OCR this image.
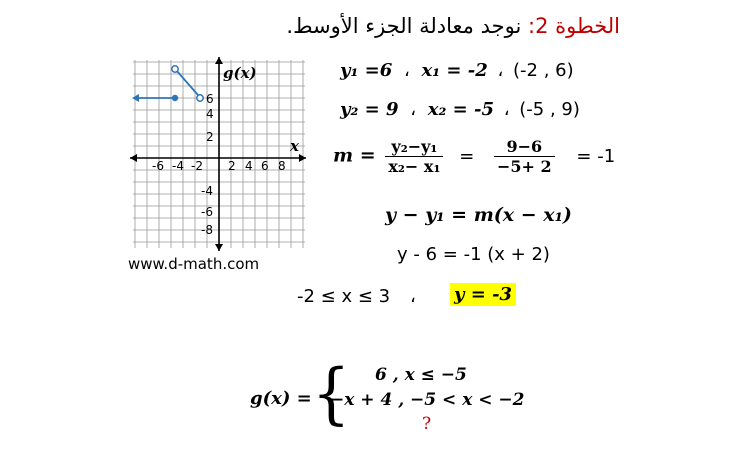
الخطوة 2: نوجد معادلة الجزء الأوسط.
g(x)
x
-6 -4 -2 2 4 6 8
6
4
2
-4
-6
-8
www.d-math.com
y₁ =6 ، x₁ = -2 ، (-2 , 6)
y₂ = 9 ، x₂ = -5 ، (-5 , 9)
$m = \frac{\text{y₂−y₁}}{\text{x₂− x₁}} = \frac{9-6}{-5+ 2} = -1$
y − y₁ = m(x − x₁)
y - 6 = -1 (x + 2)
-2 ≤ x ≤ 3 ، y = -3
g(x) = { 6 , x ≤ −5
−x + 4 , −5 < x < −2
?
